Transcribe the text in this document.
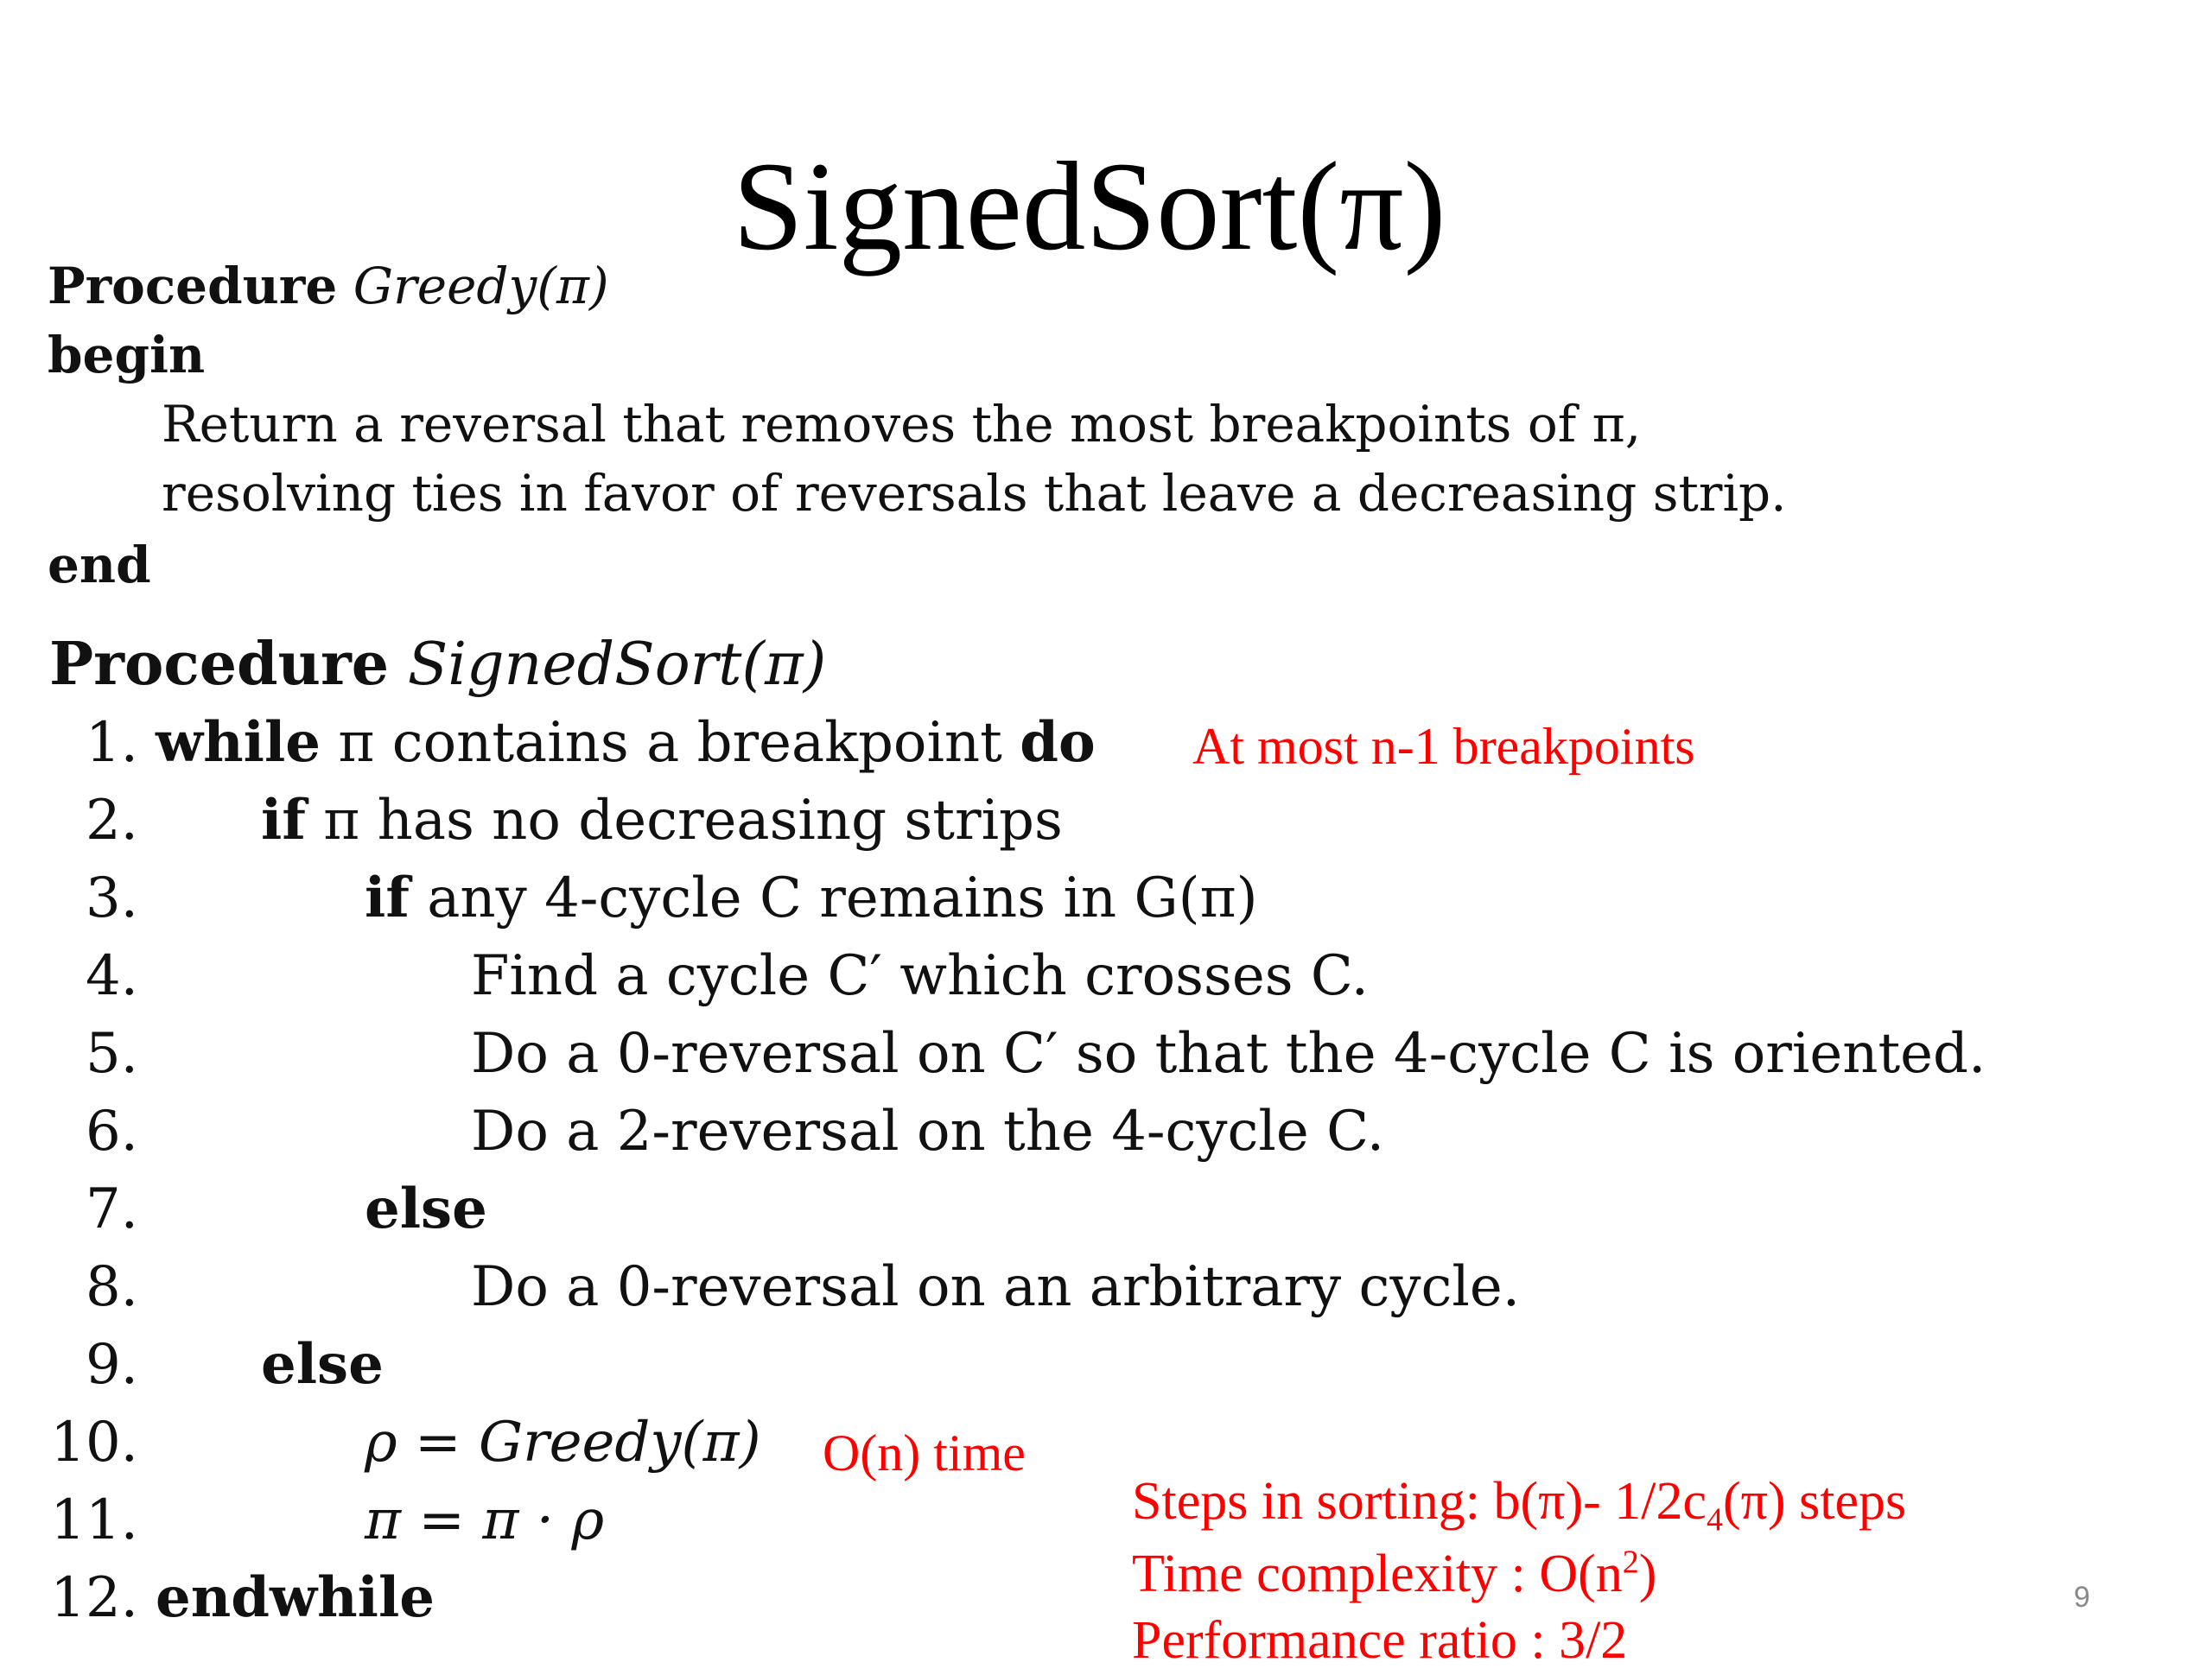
SignedSort(π)
Procedure Greedy(π)
begin
Return a reversal that removes the most breakpoints of π,
resolving ties in favor of reversals that leave a decreasing strip.
end
Procedure SignedSort(π)
1. while π contains a breakpoint do
2. if π has no decreasing strips
3.	if any 4-cycle C remains in G(π)
4.	Find a cycle C′ which crosses C.
5.	Do a 0-reversal on C′ so that the 4-cycle C is oriented.
6.	Do a 2-reversal on the 4-cycle C.
7.	else
8.	Do a 0-reversal on an arbitrary cycle.
9. else
10.	ρ = Greedy(π)
11.	π = π · ρ
12. endwhile
At most n-1 breakpoints
O(n) time
Steps in sorting: b(π)- $1/2c_4(\pi)$ steps
Time complexity : $O(n^2)$
Performance ratio : 3/2
9
